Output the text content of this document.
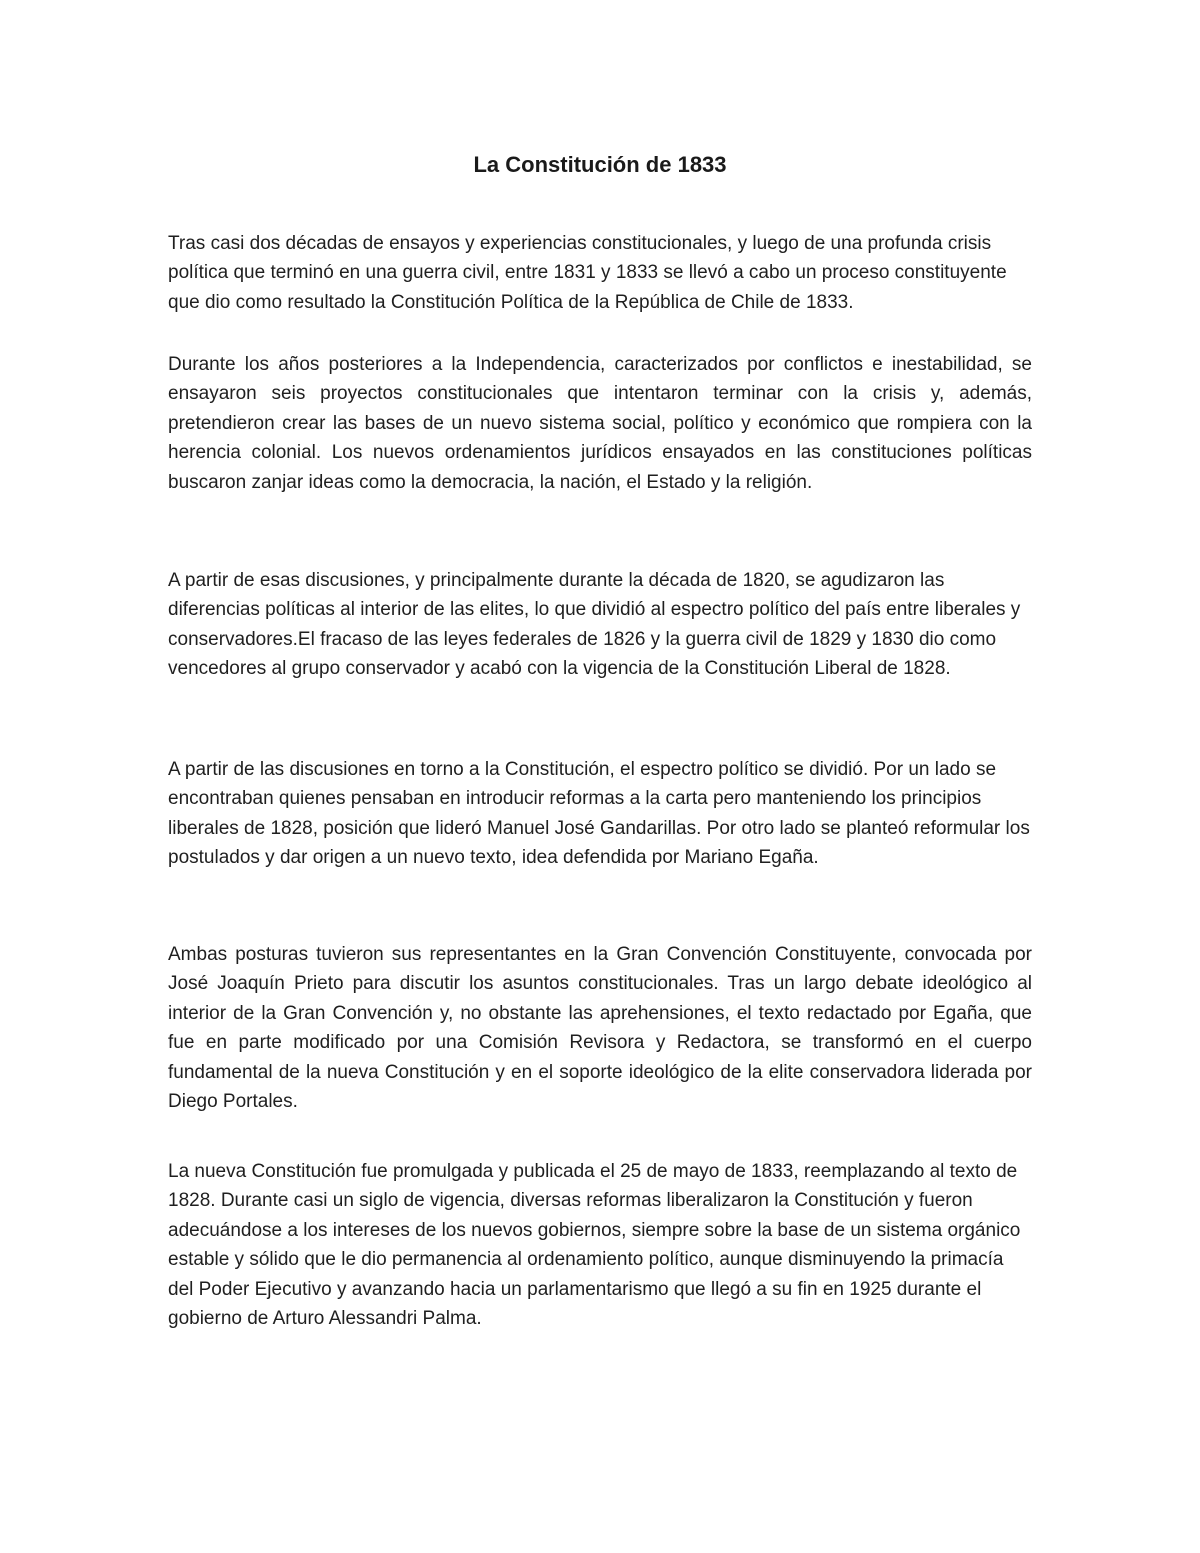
La Constitución de 1833

Tras casi dos décadas de ensayos y experiencias constitucionales, y luego de una profunda crisis política que terminó en una guerra civil, entre 1831 y 1833 se llevó a cabo un proceso constituyente que dio como resultado la Constitución Política de la República de Chile de 1833.

Durante los años posteriores a la Independencia, caracterizados por conflictos e inestabilidad, se ensayaron seis proyectos constitucionales que intentaron terminar con la crisis y, además, pretendieron crear las bases de un nuevo sistema social, político y económico que rompiera con la herencia colonial. Los nuevos ordenamientos jurídicos ensayados en las constituciones políticas buscaron zanjar ideas como la democracia, la nación, el Estado y la religión.

A partir de esas discusiones, y principalmente durante la década de 1820, se agudizaron las diferencias políticas al interior de las elites, lo que dividió al espectro político del país entre liberales y conservadores.El fracaso de las leyes federales de 1826 y la guerra civil de 1829 y 1830 dio como vencedores al grupo conservador y acabó con la vigencia de la Constitución Liberal de 1828.

A partir de las discusiones en torno a la Constitución, el espectro político se dividió. Por un lado se encontraban quienes pensaban en introducir reformas a la carta pero manteniendo los principios liberales de 1828, posición que lideró Manuel José Gandarillas. Por otro lado se planteó reformular los postulados y dar origen a un nuevo texto, idea defendida por Mariano Egaña.

Ambas posturas tuvieron sus representantes en la Gran Convención Constituyente, convocada por José Joaquín Prieto para discutir los asuntos constitucionales. Tras un largo debate ideológico al interior de la Gran Convención y, no obstante las aprehensiones, el texto redactado por Egaña, que fue en parte modificado por una Comisión Revisora y Redactora, se transformó en el cuerpo fundamental de la nueva Constitución y en el soporte ideológico de la elite conservadora liderada por Diego Portales.

La nueva Constitución fue promulgada y publicada el 25 de mayo de 1833, reemplazando al texto de 1828. Durante casi un siglo de vigencia, diversas reformas liberalizaron la Constitución y fueron adecuándose a los intereses de los nuevos gobiernos, siempre sobre la base de un sistema orgánico estable y sólido que le dio permanencia al ordenamiento político, aunque disminuyendo la primacía del Poder Ejecutivo y avanzando hacia un parlamentarismo que llegó a su fin en 1925 durante el gobierno de Arturo Alessandri Palma.
